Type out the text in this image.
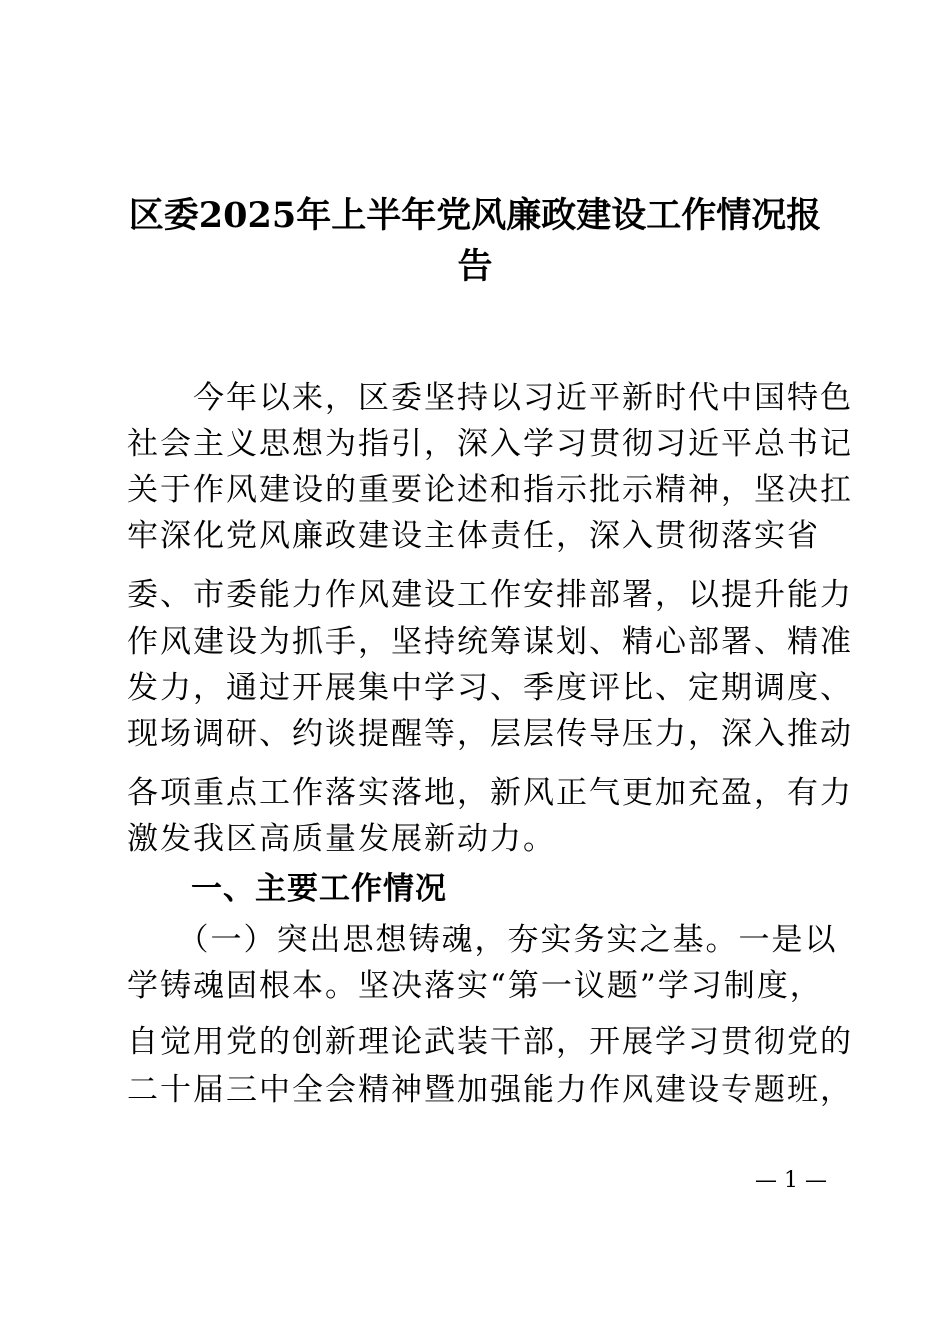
区委2025年上半年党风廉政建设工作情况报
告

　　今年以来，区委坚持以习近平新时代中国特色

社会主义思想为指引，深入学习贯彻习近平总书记

关于作风建设的重要论述和指示批示精神，坚决扛

牢深化党风廉政建设主体责任，深入贯彻落实省

委、市委能力作风建设工作安排部署，以提升能力

作风建设为抓手，坚持统筹谋划、精心部署、精准

发力，通过开展集中学习、季度评比、定期调度、

现场调研、约谈提醒等，层层传导压力，深入推动

各项重点工作落实落地，新风正气更加充盈，有力

激发我区高质量发展新动力。

　　一、主要工作情况

　　（一）突出思想铸魂，夯实务实之基。一是以

学铸魂固根本。坚决落实“第一议题”学习制度，

自觉用党的创新理论武装干部，开展学习贯彻党的

二十届三中全会精神暨加强能力作风建设专题班，

— 1 —
